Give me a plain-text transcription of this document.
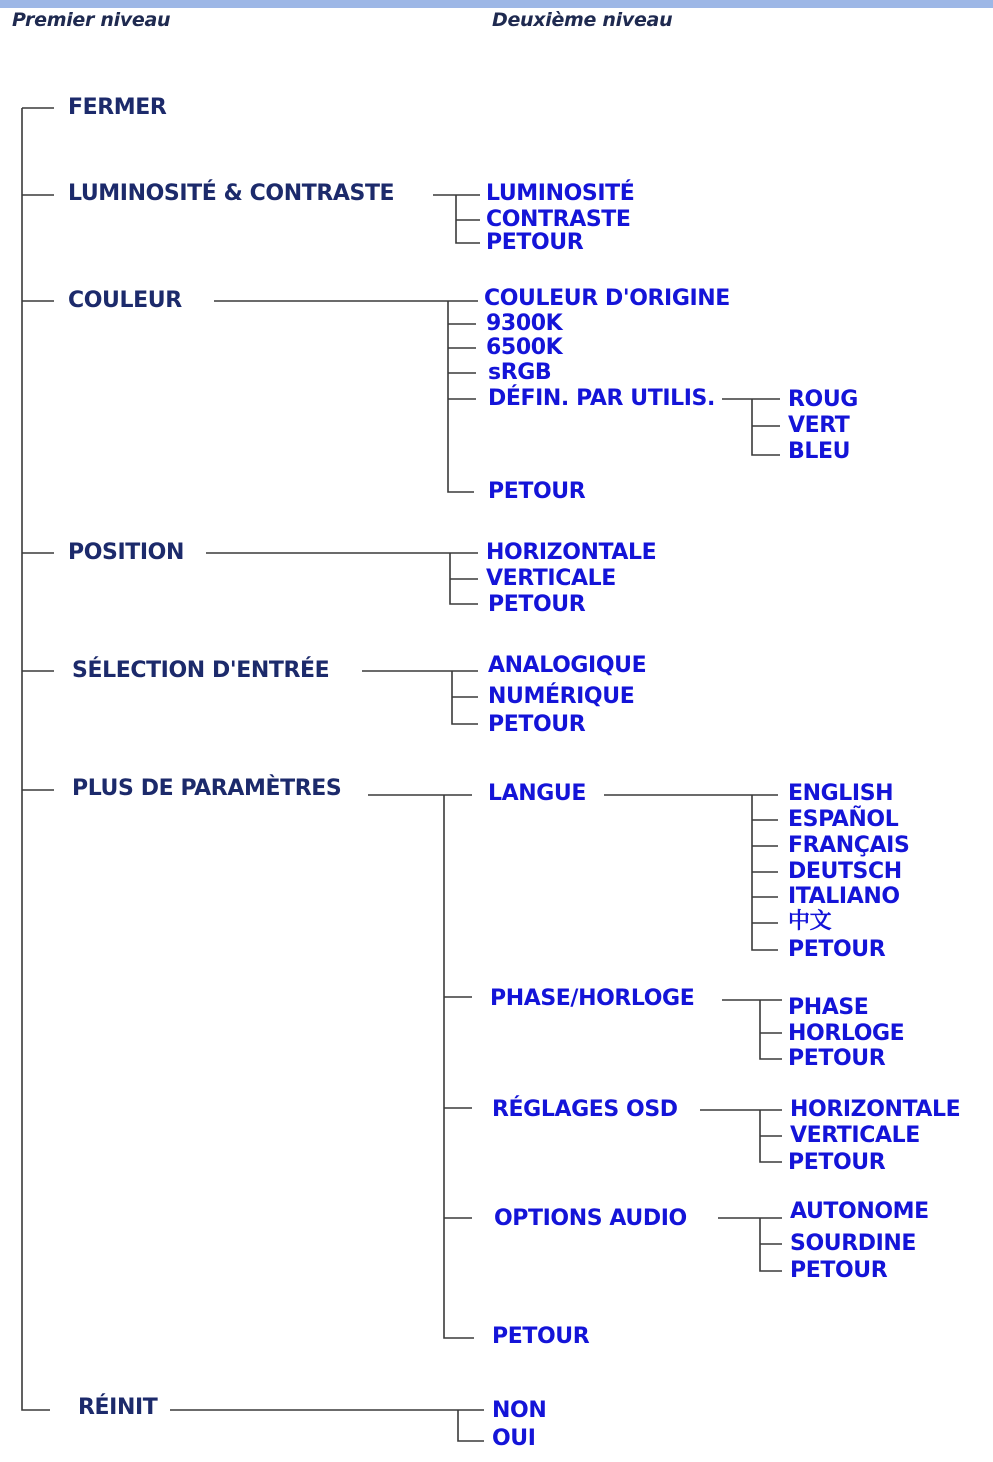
Premier niveau	Deuxième niveau
FERMER
LUMINOSITÉ & CONTRASTE
COULEUR
POSITION
SÉLECTION D'ENTRÉE
PLUS DE PARAMÈTRES
RÉINIT
LUMINOSITÉ
CONTRASTE
PETOUR
COULEUR D'ORIGINE
9300K
6500K
sRGB
DÉFIN. PAR UTILIS.
PETOUR
ROUG
VERT
BLEU
HORIZONTALE
VERTICALE
PETOUR
ANALOGIQUE
NUMÉRIQUE
PETOUR
LANGUE
PHASE/HORLOGE
RÉGLAGES OSD
OPTIONS AUDIO
PETOUR
ENGLISH
ESPAÑOL
FRANÇAIS
DEUTSCH
ITALIANO
中文
PETOUR
PHASE
HORLOGE
PETOUR
HORIZONTALE
VERTICALE
PETOUR
AUTONOME
SOURDINE
PETOUR
NON
OUI
